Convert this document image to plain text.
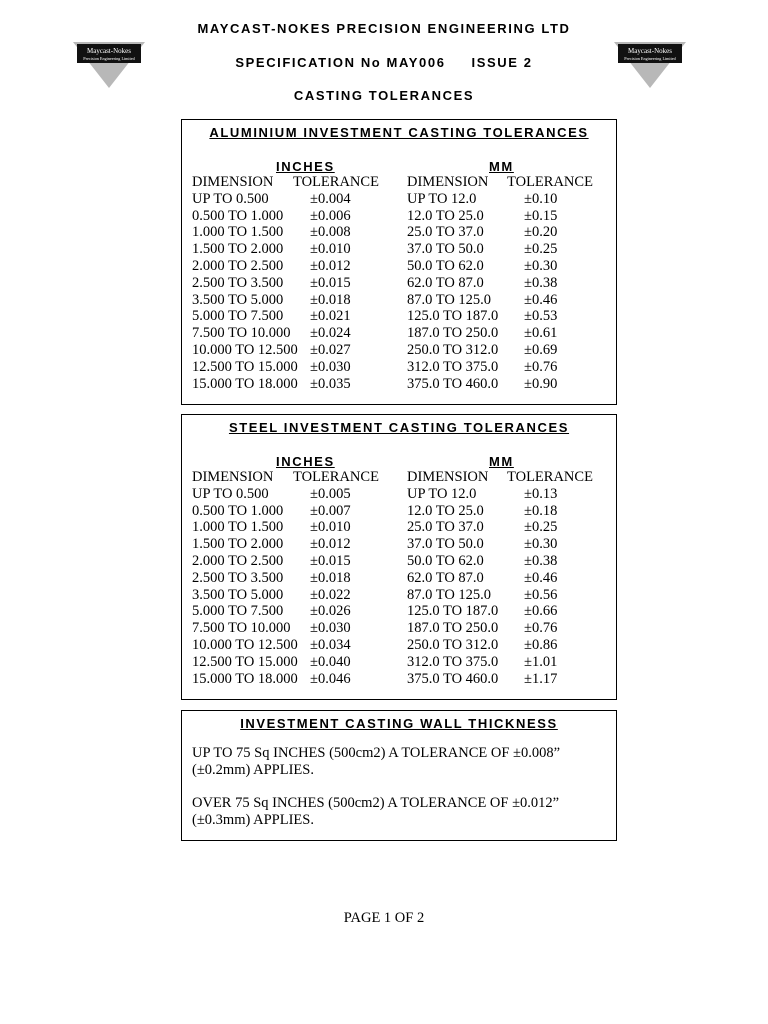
MAYCAST-NOKES PRECISION ENGINEERING LTD
SPECIFICATION No MAY006 ISSUE 2
CASTING TOLERANCES
Maycast-Nokes
Precision Engineering Limited
Maycast-Nokes
Precision Engineering Limited
ALUMINIUM INVESTMENT CASTING TOLERANCES
INCHES	MM
DIMENSION TOLERANCE DIMENSION TOLERANCE
UP TO 0.500	±0.004	UP TO 12.0	±0.10
0.500 TO 1.000 ±0.006	12.0 TO 25.0	±0.15
1.000 TO 1.500 ±0.008	25.0 TO 37.0	±0.20
1.500 TO 2.000 ±0.010	37.0 TO 50.0	±0.25
2.000 TO 2.500 ±0.012	50.0 TO 62.0	±0.30
2.500 TO 3.500 ±0.015	62.0 TO 87.0	±0.38
3.500 TO 5.000 ±0.018	87.0 TO 125.0 ±0.46
5.000 TO 7.500 ±0.021	125.0 TO 187.0 ±0.53
7.500 TO 10.000 ±0.024	187.0 TO 250.0 ±0.61
10.000 TO 12.500 ±0.027	250.0 TO 312.0 ±0.69
12.500 TO 15.000 ±0.030	312.0 TO 375.0 ±0.76
15.000 TO 18.000 ±0.035	375.0 TO 460.0 ±0.90
STEEL INVESTMENT CASTING TOLERANCES
INCHES	MM
DIMENSION TOLERANCE DIMENSION TOLERANCE
UP TO 0.500	±0.005	UP TO 12.0	±0.13
0.500 TO 1.000 ±0.007	12.0 TO 25.0	±0.18
1.000 TO 1.500 ±0.010	25.0 TO 37.0	±0.25
1.500 TO 2.000 ±0.012	37.0 TO 50.0	±0.30
2.000 TO 2.500 ±0.015	50.0 TO 62.0	±0.38
2.500 TO 3.500 ±0.018	62.0 TO 87.0	±0.46
3.500 TO 5.000 ±0.022	87.0 TO 125.0 ±0.56
5.000 TO 7.500 ±0.026	125.0 TO 187.0 ±0.66
7.500 TO 10.000 ±0.030	187.0 TO 250.0 ±0.76
10.000 TO 12.500 ±0.034	250.0 TO 312.0 ±0.86
12.500 TO 15.000 ±0.040	312.0 TO 375.0 ±1.01
15.000 TO 18.000 ±0.046	375.0 TO 460.0 ±1.17
INVESTMENT CASTING WALL THICKNESS

UP TO 75 Sq INCHES (500cm2) A TOLERANCE OF ±0.008” (±0.2mm) APPLIES.

OVER 75 Sq INCHES (500cm2) A TOLERANCE OF ±0.012” (±0.3mm) APPLIES.

PAGE 1 OF 2
